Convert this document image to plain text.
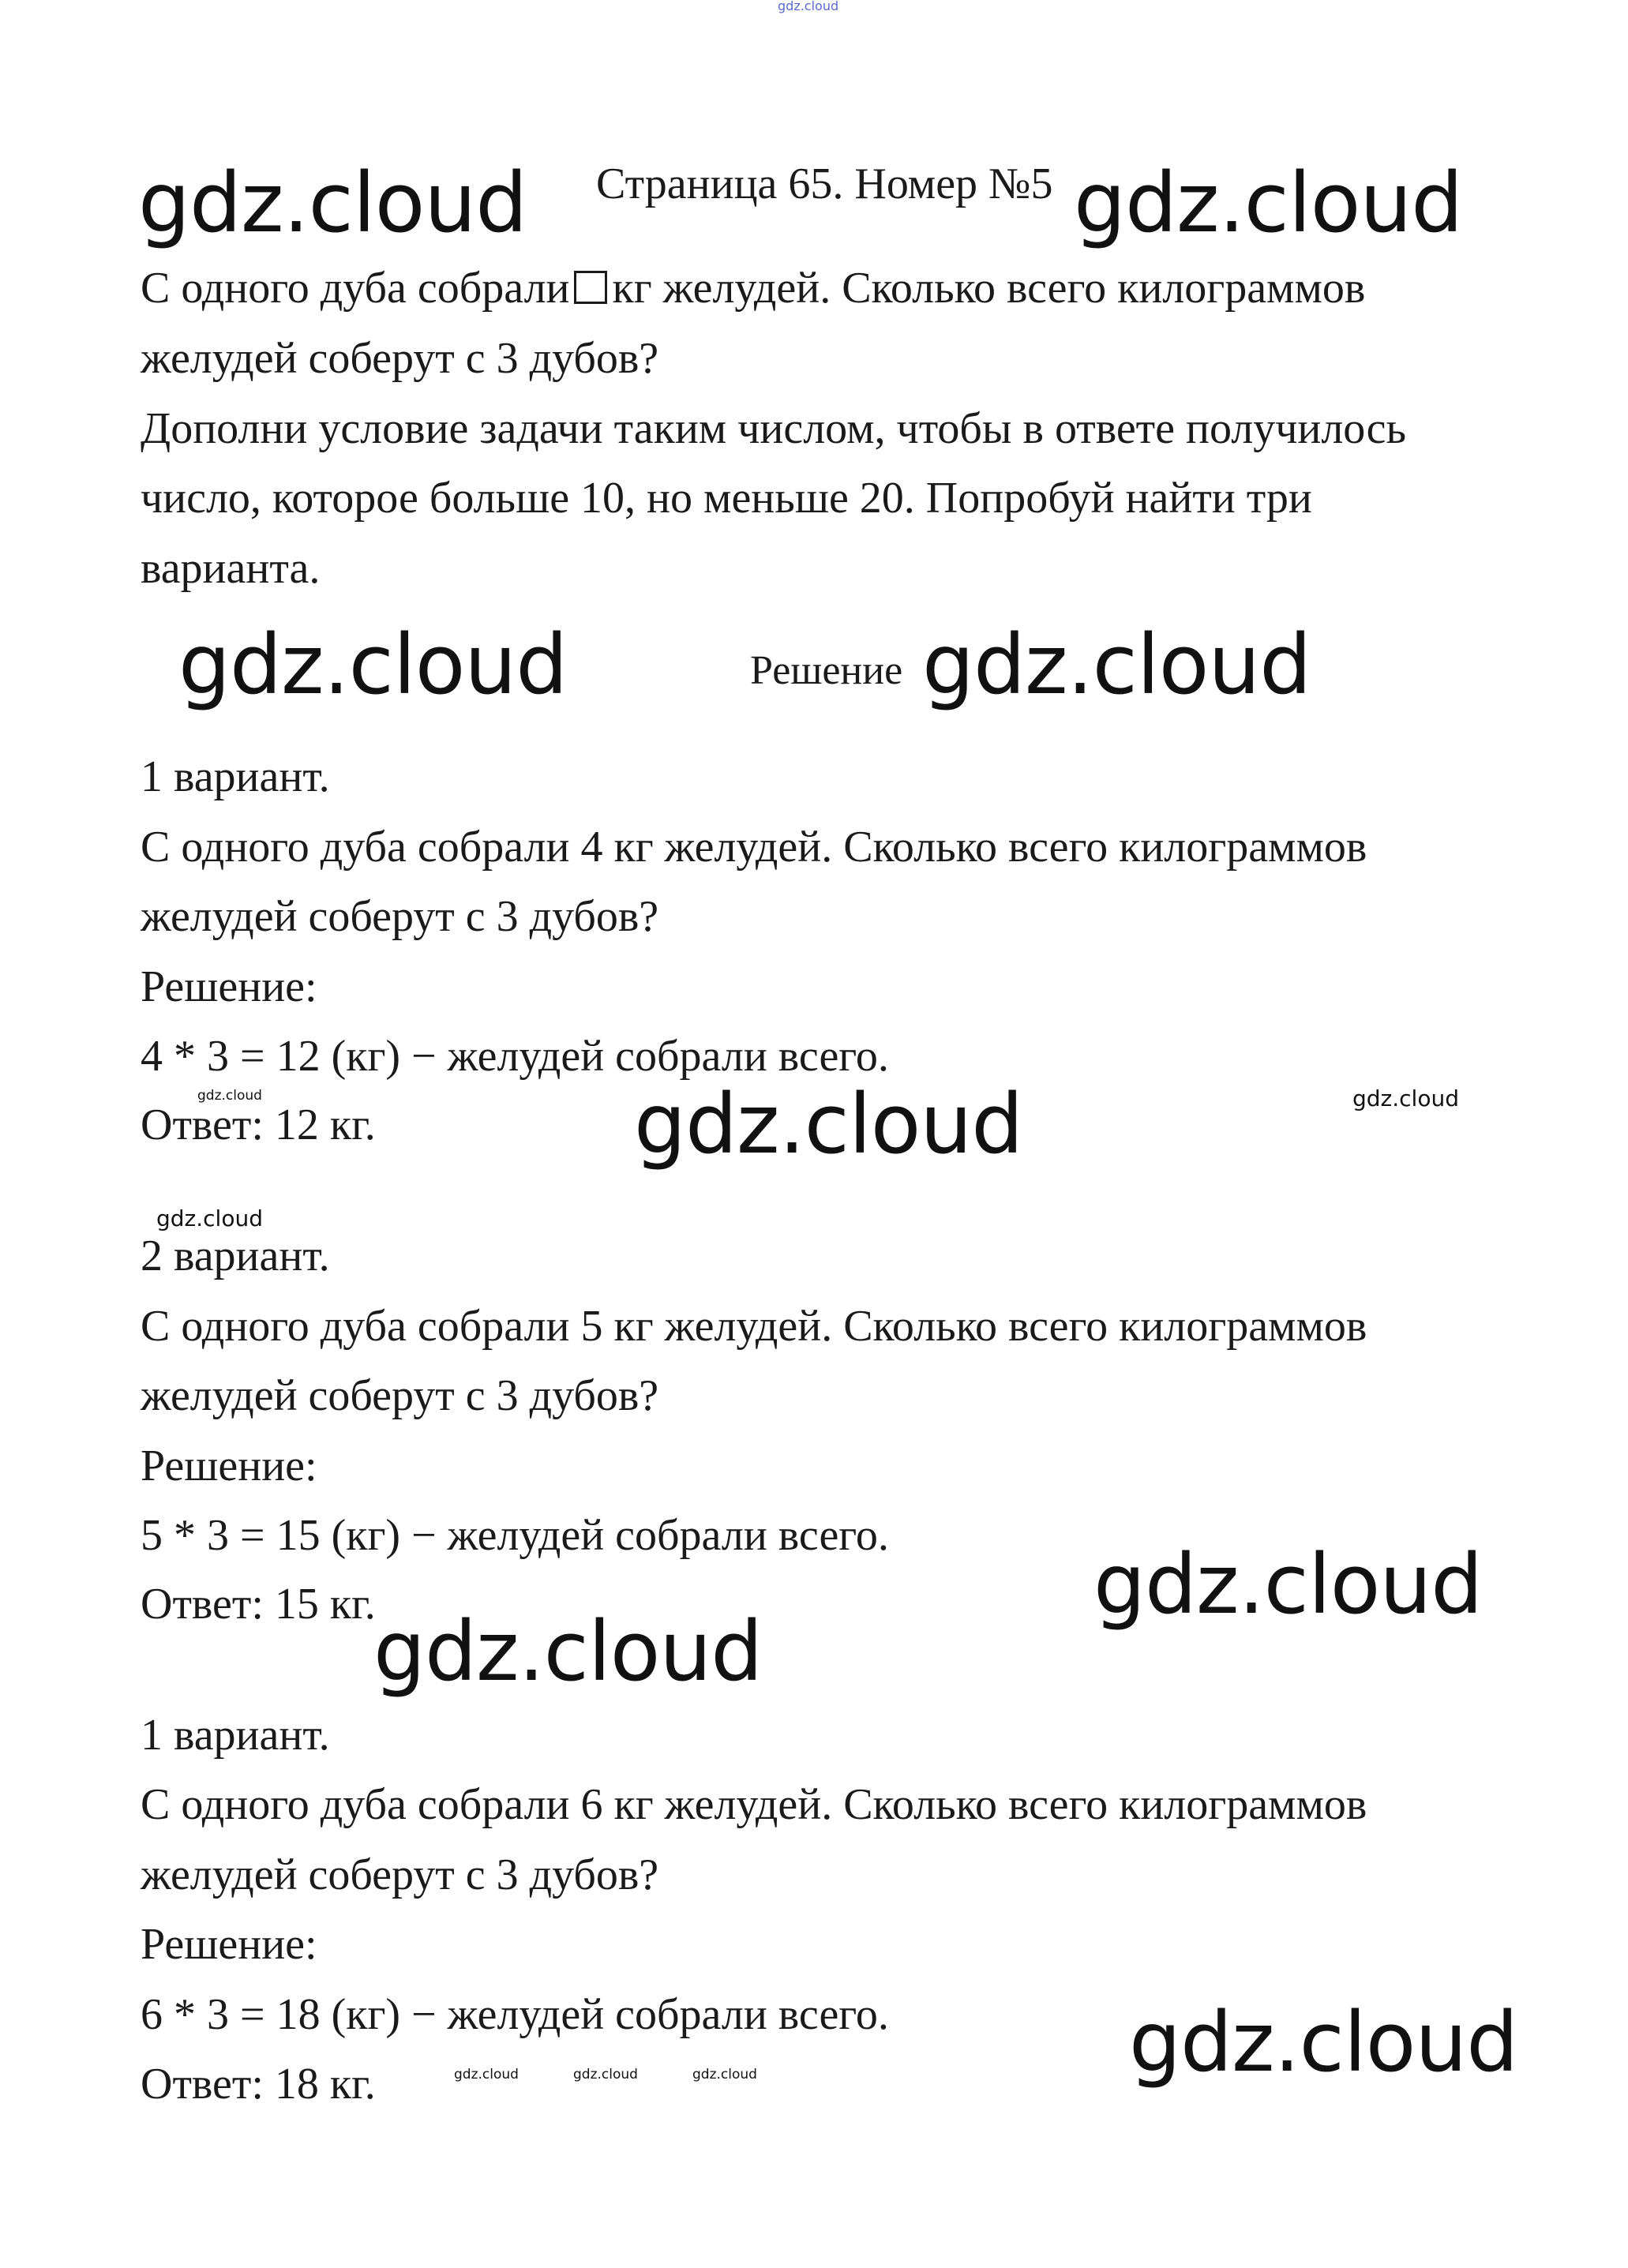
gdz.cloud
gdz.cloud Страница 65. Номер №5 gdz.cloud
С одного дуба собрали кг желудей. Сколько всего килограммов
желудей соберут с 3 дубов?
Дополни условие задачи таким числом, чтобы в ответе получилось
число, которое больше 10, но меньше 20. Попробуй найти три
варианта.
gdz.cloud	Решение gdz.cloud
1 вариант.
С одного дуба собрали 4 кг желудей. Сколько всего килограммов
желудей соберут с 3 дубов?
Решение:
4 * 3 = 12 (кг) − желудей собрали всего.
gdz.cloud
Ответ: 12 кг.	gdz.cloud	gdz.cloud
gdz.cloud
2 вариант.
С одного дуба собрали 5 кг желудей. Сколько всего килограммов
желудей соберут с 3 дубов?
Решение:
5 * 3 = 15 (кг) − желудей собрали всего.
gdz.cloud
Ответ: 15 кг.
gdz.cloud
1 вариант.
С одного дуба собрали 6 кг желудей. Сколько всего килограммов
желудей соберут с 3 дубов?
Решение:
6 * 3 = 18 (кг) − желудей собрали всего.	gdz.cloud
Ответ: 18 кг.	gdz.cloud	gdz.cloud	gdz.cloud
